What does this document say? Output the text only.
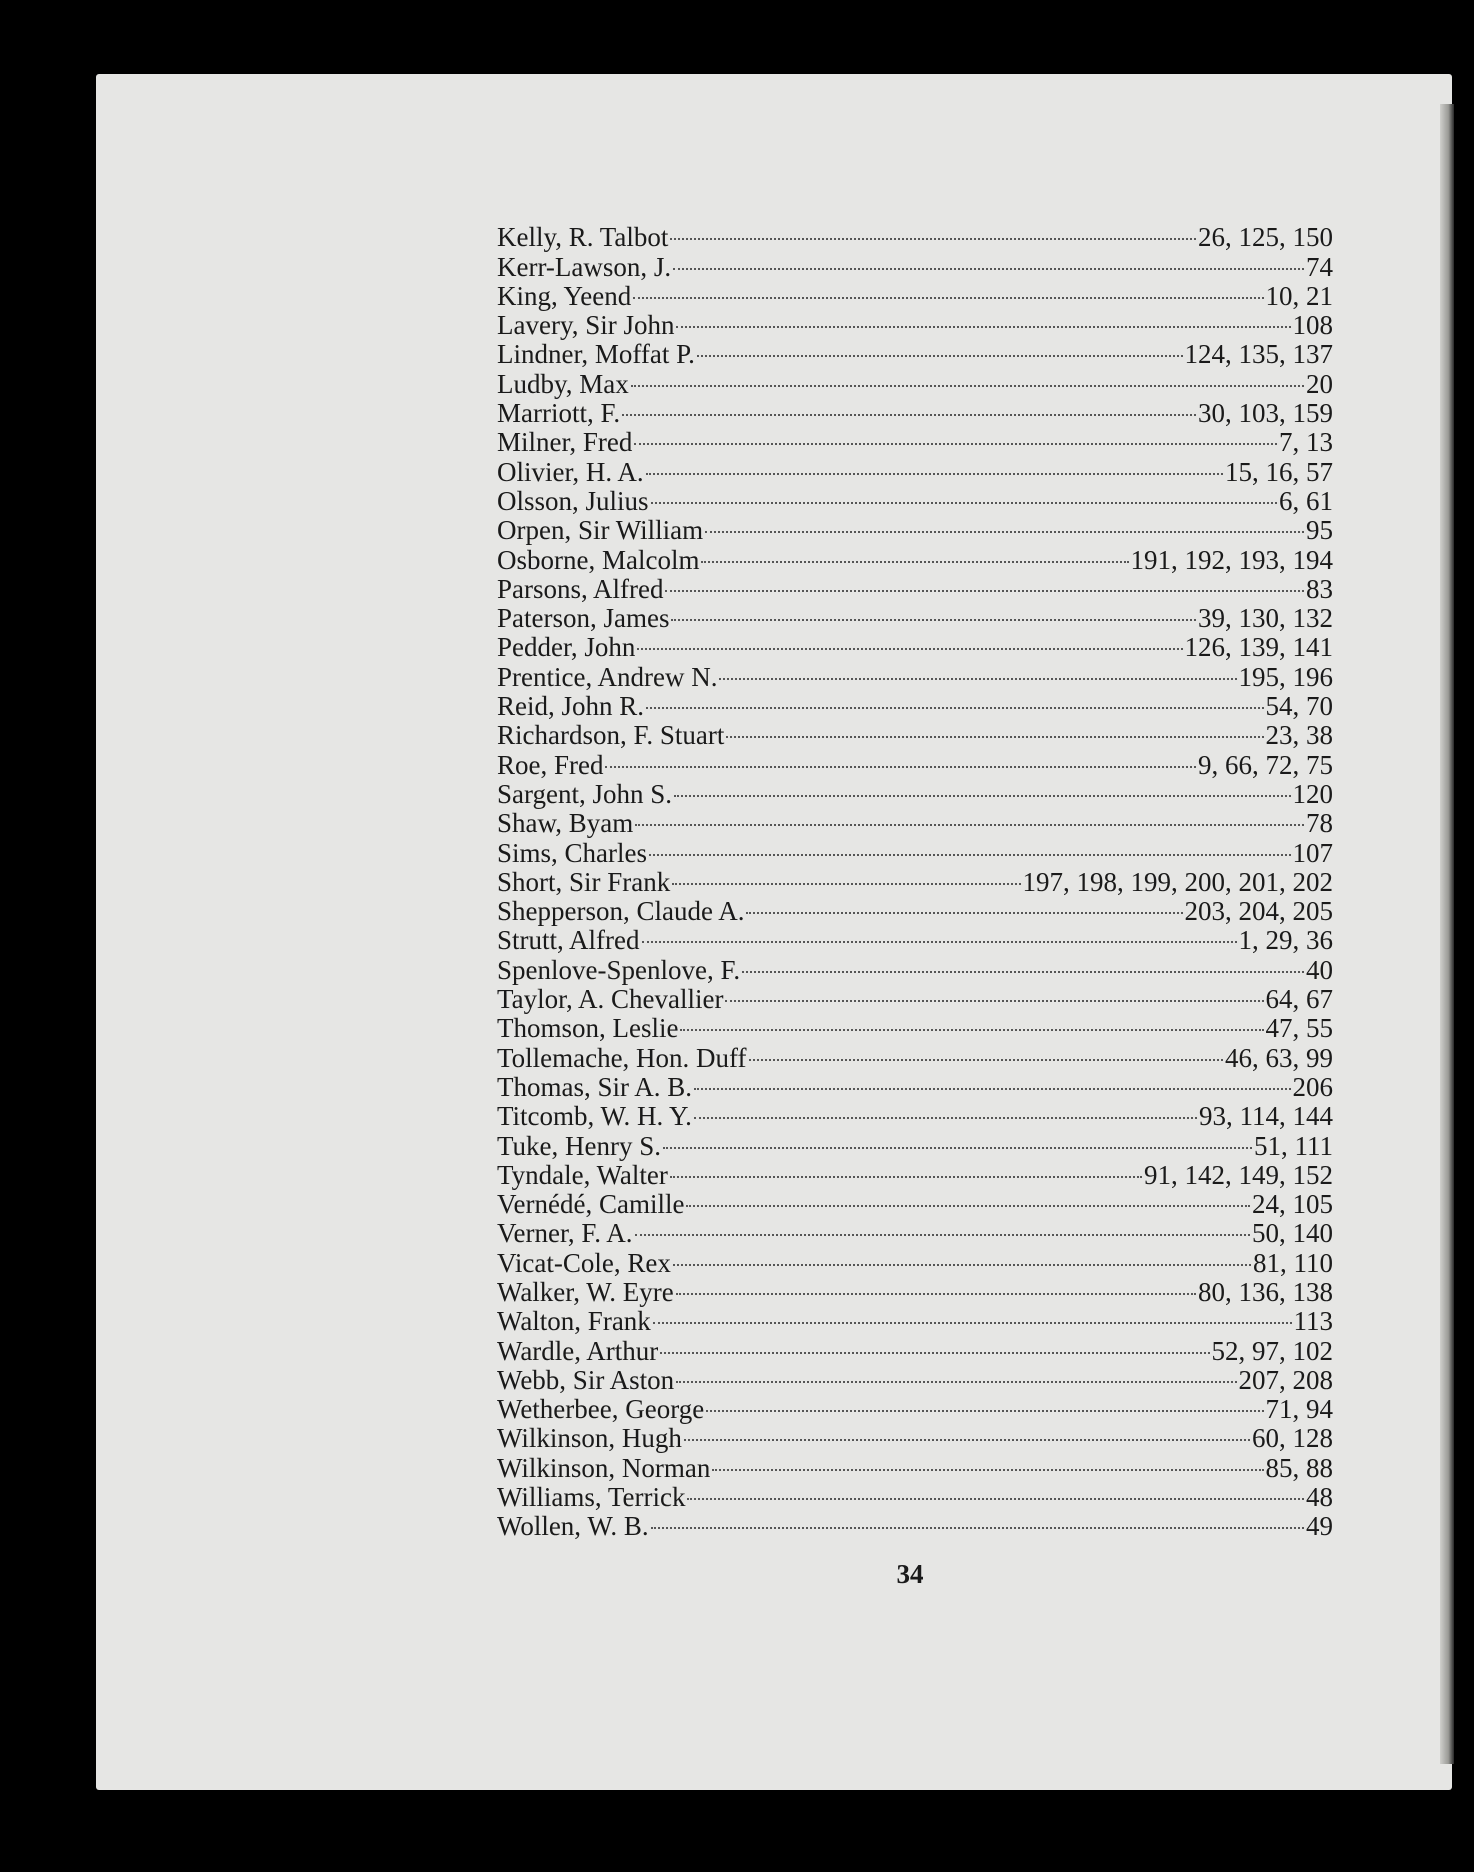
Kelly, R. Talbot	26, 125, 150
Kerr-Lawson, J.	74
King, Yeend	10, 21
Lavery, Sir John	108
Lindner, Moffat P.	124, 135, 137
Ludby, Max	20
Marriott, F.	30, 103, 159
Milner, Fred	7, 13
Olivier, H. A.	15, 16, 57
Olsson, Julius	6, 61
Orpen, Sir William	95
Osborne, Malcolm	191, 192, 193, 194
Parsons, Alfred	83
Paterson, James	39, 130, 132
Pedder, John	126, 139, 141
Prentice, Andrew N.	195, 196
Reid, John R.	54, 70
Richardson, F. Stuart	23, 38
Roe, Fred	9, 66, 72, 75
Sargent, John S.	120
Shaw, Byam	78
Sims, Charles	107
Short, Sir Frank	197, 198, 199, 200, 201, 202
Shepperson, Claude A.	203, 204, 205
Strutt, Alfred	1, 29, 36
Spenlove-Spenlove, F.	40
Taylor, A. Chevallier	64, 67
Thomson, Leslie	47, 55
Tollemache, Hon. Duff	46, 63, 99
Thomas, Sir A. B.	206
Titcomb, W. H. Y.	93, 114, 144
Tuke, Henry S.	51, 111
Tyndale, Walter	91, 142, 149, 152
Vernédé, Camille	24, 105
Verner, F. A.	50, 140
Vicat-Cole, Rex	81, 110
Walker, W. Eyre	80, 136, 138
Walton, Frank	113
Wardle, Arthur	52, 97, 102
Webb, Sir Aston	207, 208
Wetherbee, George	71, 94
Wilkinson, Hugh	60, 128
Wilkinson, Norman	85, 88
Williams, Terrick	48
Wollen, W. B.	49
34
